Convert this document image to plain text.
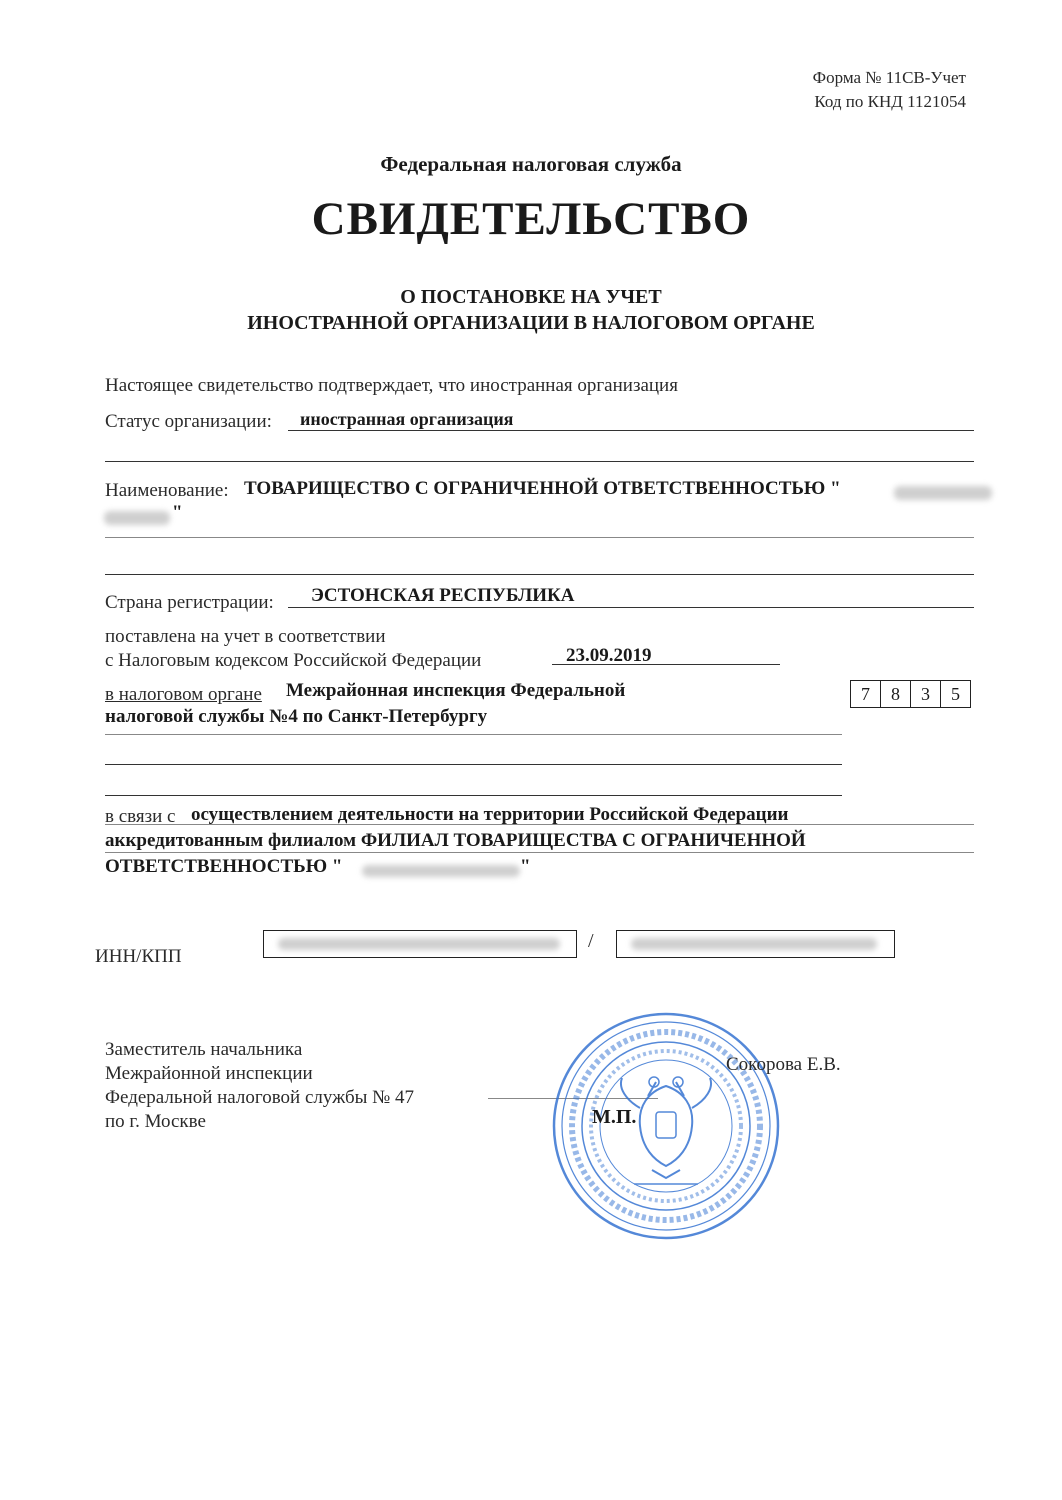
Форма № 11СВ-Учет
Код по КНД 1121054
Федеральная налоговая служба
СВИДЕТЕЛЬСТВО
О ПОСТАНОВКЕ НА УЧЕТ
ИНОСТРАННОЙ ОРГАНИЗАЦИИ В НАЛОГОВОМ ОРГАНЕ
Настоящее свидетельство подтверждает, что иностранная организация
Статус организации: иностранная организация
Наименование: ТОВАРИЩЕСТВО С ОГРАНИЧЕННОЙ ОТВЕТСТВЕННОСТЬЮ "
"
Страна регистрации: ЭСТОНСКАЯ РЕСПУБЛИКА
поставлена на учет в соответствии
с Налоговым кодексом Российской Федерации	23.09.2019
в налоговом органе Межрайонная инспекция Федеральной
налоговой службы №4 по Санкт-Петербургу
7	8	3	5
в связи с осуществлением деятельности на территории Российской Федерации
аккредитованным филиалом ФИЛИАЛ ТОВАРИЩЕСТВА С ОГРАНИЧЕННОЙ
ОТВЕТСТВЕННОСТЬЮ "	"
ИНН/КПП
/
Заместитель начальника
Межрайонной инспекции
Федеральной налоговой службы № 47
по г. Москве
Сокорова Е.В.
М.П.
